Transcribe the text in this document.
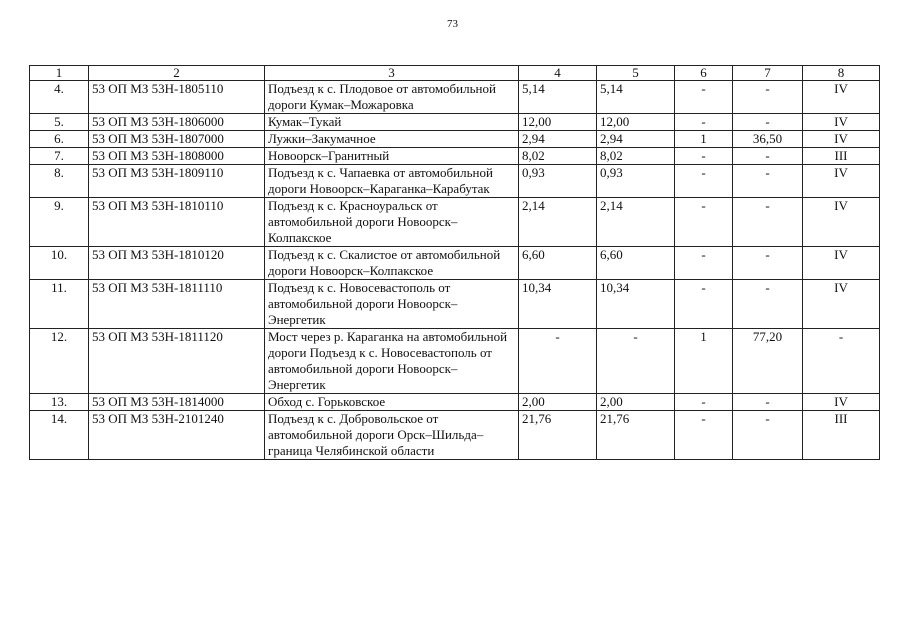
73
1	2	3	4	5	6	7	8
4.	53 ОП МЗ 53Н-1805110	Подъезд к с. Плодовое от автомобильной дороги Кумак–Можаровка	5,14	5,14	-	-	IV
5.	53 ОП МЗ 53Н-1806000	Кумак–Тукай	12,00	12,00	-	-	IV
6.	53 ОП МЗ 53Н-1807000	Лужки–Закумачное	2,94	2,94	1	36,50	IV
7.	53 ОП МЗ 53Н-1808000	Новоорск–Гранитный	8,02	8,02	-	-	III
8.	53 ОП МЗ 53Н-1809110	Подъезд к с. Чапаевка от автомобильной дороги Новоорск–Караганка–Карабутак	0,93	0,93	-	-	IV
9.	53 ОП МЗ 53Н-1810110	Подъезд к с. Красноуральск от автомобильной дороги Новоорск–Колпакское	2,14	2,14	-	-	IV
10.	53 ОП МЗ 53Н-1810120	Подъезд к с. Скалистое от автомобильной дороги Новоорск–Колпакское	6,60	6,60	-	-	IV
11.	53 ОП МЗ 53Н-1811110	Подъезд к с. Новосевастополь от автомобильной дороги Новоорск–Энергетик	10,34	10,34	-	-	IV
12.	53 ОП МЗ 53Н-1811120	Мост через р. Караганка на автомобильной дороги Подъезд к с. Новосевастополь от автомобильной дороги Новоорск–Энергетик	-	-	1	77,20	-
13.	53 ОП МЗ 53Н-1814000	Обход с. Горьковское	2,00	2,00	-	-	IV
14.	53 ОП МЗ 53Н-2101240	Подъезд к с. Добровольское от автомобильной дороги Орск–Шильда–граница Челябинской области	21,76	21,76	-	-	III
